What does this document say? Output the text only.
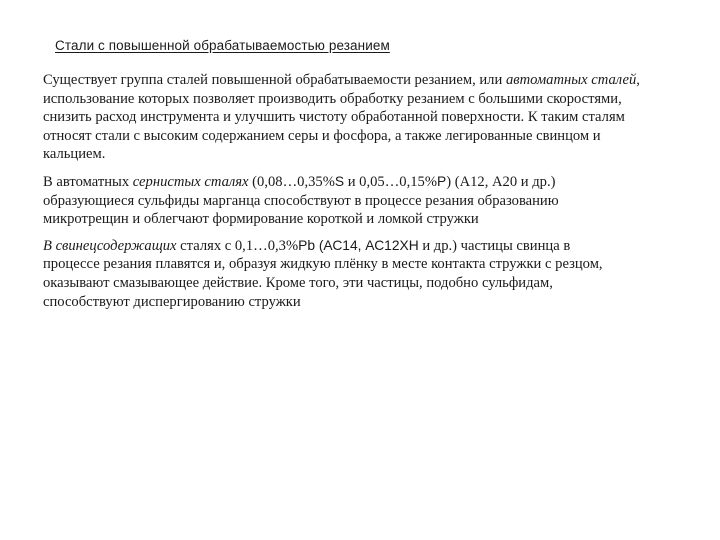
Стали с повышенной обрабатываемостью резанием
Существует группа сталей повышенной обрабатываемости резанием, или автоматных сталей,
использование которых позволяет производить обработку резанием с большими скоростями,
снизить расход инструмента и улучшить чистоту обработанной поверхности. К таким сталям
относят стали с высоким содержанием серы и фосфора, а также легированные свинцом и
кальцием.
В автоматных сернистых сталях (0,08…0,35%S и 0,05…0,15%P) (А12, А20 и др.)
образующиеся сульфиды марганца способствуют в процессе резания образованию
микротрещин и облегчают формирование короткой и ломкой стружки
В свинецсодержащих сталях с 0,1…0,3%Pb (АС14, АС12ХН и др.) частицы свинца в
процессе резания плавятся и, образуя жидкую плёнку в месте контакта стружки с резцом,
оказывают смазывающее действие. Кроме того, эти частицы, подобно сульфидам,
способствуют диспергированию стружки
